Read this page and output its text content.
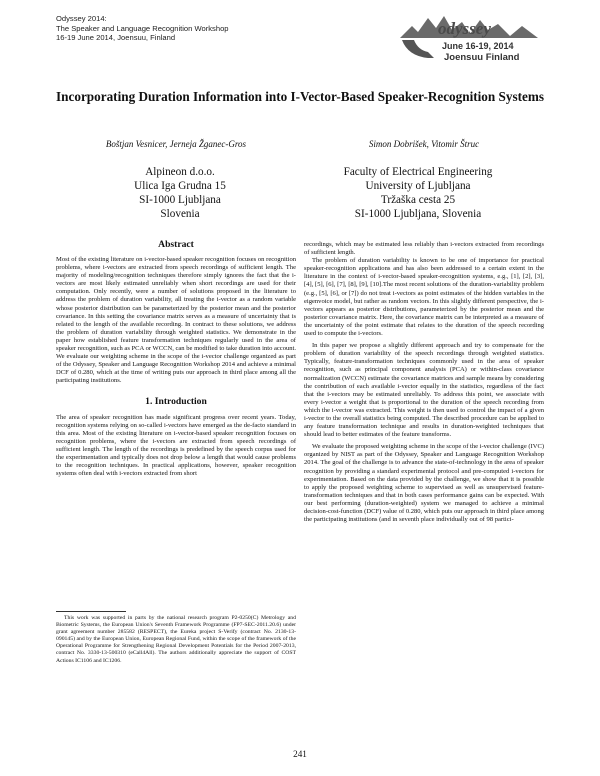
Odyssey 2014:
The Speaker and Language Recognition Workshop
16-19 June 2014, Joensuu, Finland	odyssey
June 16-19, 2014
Joensuu Finland
Incorporating Duration Information into I-Vector-Based Speaker-Recognition Systems
Boštjan Vesnicer, Jerneja Žganec-Gros	Simon Dobrišek, Vitomir Štruc
Alpineon d.o.o.
Ulica Iga Grudna 15
SI-1000 Ljubljana
Slovenia
Faculty of Electrical Engineering
University of Ljubljana
Tržaška cesta 25
SI-1000 Ljubljana, Slovenia
Abstract

Most of the existing literature on i-vector-based speaker recognition focuses on recognition problems, where i-vectors are extracted from speech recordings of sufficient length. The majority of modeling/recognition techniques therefore simply ignores the fact that the i-vectors are most likely estimated unreliably when short recordings are used for their computation. Only recently, were a number of solutions proposed in the literature to address the problem of duration variability, all treating the i-vector as a random variable whose posterior distribution can be parameterized by the posterior mean and the posterior covariance. In this setting the covariance matrix serves as a measure of uncertainty that is related to the length of the available recording. In contract to these solutions, we address the problem of duration variability through weighted statistics. We demonstrate in the paper how established feature transformation techniques regularly used in the area of speaker recognition, such as PCA or WCCN, can be modified to take duration into account. We evaluate our weighting scheme in the scope of the i-vector challenge organized as part of the Odyssey, Speaker and Language Recognition Workshop 2014 and achieve a minimal DCF of 0.280, which at the time of writing puts our approach in third place among all the participating institutions.

1. Introduction

The area of speaker recognition has made significant progress over recent years. Today, recognition systems relying on so-called i-vectors have emerged as the de-facto standard in this area. Most of the existing literature on i-vector-based speaker recognition focuses on recognition problems, where the i-vectors are extracted from speech recordings of sufficient length. The length of the recordings is predefined by the speech corpus used for the experimentation and typically does not drop below a length that would cause problems to the recognition techniques. In practical applications, however, speaker recognition systems often deal with i-vectors extracted from short

This work was supported in parts by the national research program P2-0250(C) Metrology and Biometric Systems, the European Union's Seventh Framework Programme (FP7-SEC-2011.20.6) under grant agreement number 285582 (RESPECT), the Eureka project S-Verify (contract No. 2130-13-090145) and by the European Union, European Regional Fund, within the scope of the framework of the Operational Programme for Strengthening Regional Development Potentials for the Period 2007-2013, contract No. 3330-13-500310 (eCall4All). The authors additionally appreciate the support of COST Actions IC1106 and IC1206.

recordings, which may be estimated less reliably than i-vectors extracted from recordings of sufficient length.

The problem of duration variability is known to be one of importance for practical speaker-recognition applications and has also been addressed to a certain extent in the literature in the context of i-vector-based speaker-recognition systems, e.g., [1], [2], [3], [4], [5], [6], [7], [8], [9], [10].The most recent solutions of the duration-variability problem (e.g., [5], [6], or [7]) do not treat i-vectors as point estimates of the hidden variables in the eigenvoice model, but rather as random vectors. In this slightly different perspective, the i-vectors appears as posterior distributions, parameterized by the posterior mean and the posterior covariance matrix. Here, the covariance matrix can be interpreted as a measure of the uncertainty of the point estimate that relates to the duration of the speech recording used to compute the i-vectors.

In this paper we propose a slightly different approach and try to compensate for the problem of duration variability of the speech recordings through weighted statistics. Typically, feature-transformation techniques commonly used in the area of speaker recognition, such as principal component analysis (PCA) or within-class covariance normalization (WCCN) estimate the covariance matrices and sample means by considering the contribution of each available i-vector equally in the statistics, regardless of the fact that the i-vectors may be estimated unreliably. To address this point, we associate with every i-vector a weight that is proportional to the duration of the speech recording from which the i-vector was extracted. This weight is then used to control the impact of a given i-vector to the overall statistics being computed. The described procedure can be applied to any feature transformation technique and results in duration-weighted techniques that should lead to better estimates of the feature transforms.

We evaluate the proposed weighting scheme in the scope of the i-vector challenge (IVC) organized by NIST as part of the Odyssey, Speaker and Language Recognition Workshop 2014. The goal of the challenge is to advance the state-of-technology in the area of speaker recognition by providing a standard experimental protocol and pre-computed i-vectors for experimentation. Based on the data provided by the challenge, we show that it is possible to apply the proposed weighting scheme to supervised as well as unsupervised feature-transformation techniques and that in both cases performance gains can be expected. With our best performing (duration-weighted) system we managed to achieve a minimal decision-cost-function (DCF) value of 0.280, which puts our approach in third place among the participating institutions (and in seventh place individually out of 98 partici-

241
